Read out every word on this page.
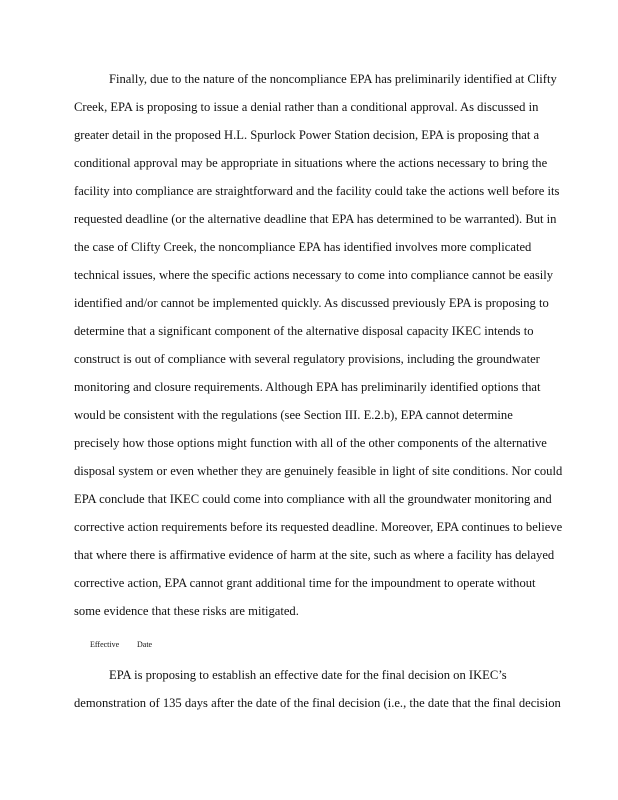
Finally, due to the nature of the noncompliance EPA has preliminarily identified at Clifty
Creek, EPA is proposing to issue a denial rather than a conditional approval. As discussed in
greater detail in the proposed H.L. Spurlock Power Station decision, EPA is proposing that a
conditional approval may be appropriate in situations where the actions necessary to bring the
facility into compliance are straightforward and the facility could take the actions well before its
requested deadline (or the alternative deadline that EPA has determined to be warranted). But in
the case of Clifty Creek, the noncompliance EPA has identified involves more complicated
technical issues, where the specific actions necessary to come into compliance cannot be easily
identified and/or cannot be implemented quickly. As discussed previously EPA is proposing to
determine that a significant component of the alternative disposal capacity IKEC intends to
construct is out of compliance with several regulatory provisions, including the groundwater
monitoring and closure requirements. Although EPA has preliminarily identified options that
would be consistent with the regulations (see Section III. E.2.b), EPA cannot determine
precisely how those options might function with all of the other components of the alternative
disposal system or even whether they are genuinely feasible in light of site conditions. Nor could
EPA conclude that IKEC could come into compliance with all the groundwater monitoring and
corrective action requirements before its requested deadline. Moreover, EPA continues to believe
that where there is affirmative evidence of harm at the site, such as where a facility has delayed
corrective action, EPA cannot grant additional time for the impoundment to operate without
some evidence that these risks are mitigated.
Effective Date
EPA is proposing to establish an effective date for the final decision on IKEC’s
demonstration of 135 days after the date of the final decision (i.e., the date that the final decision
